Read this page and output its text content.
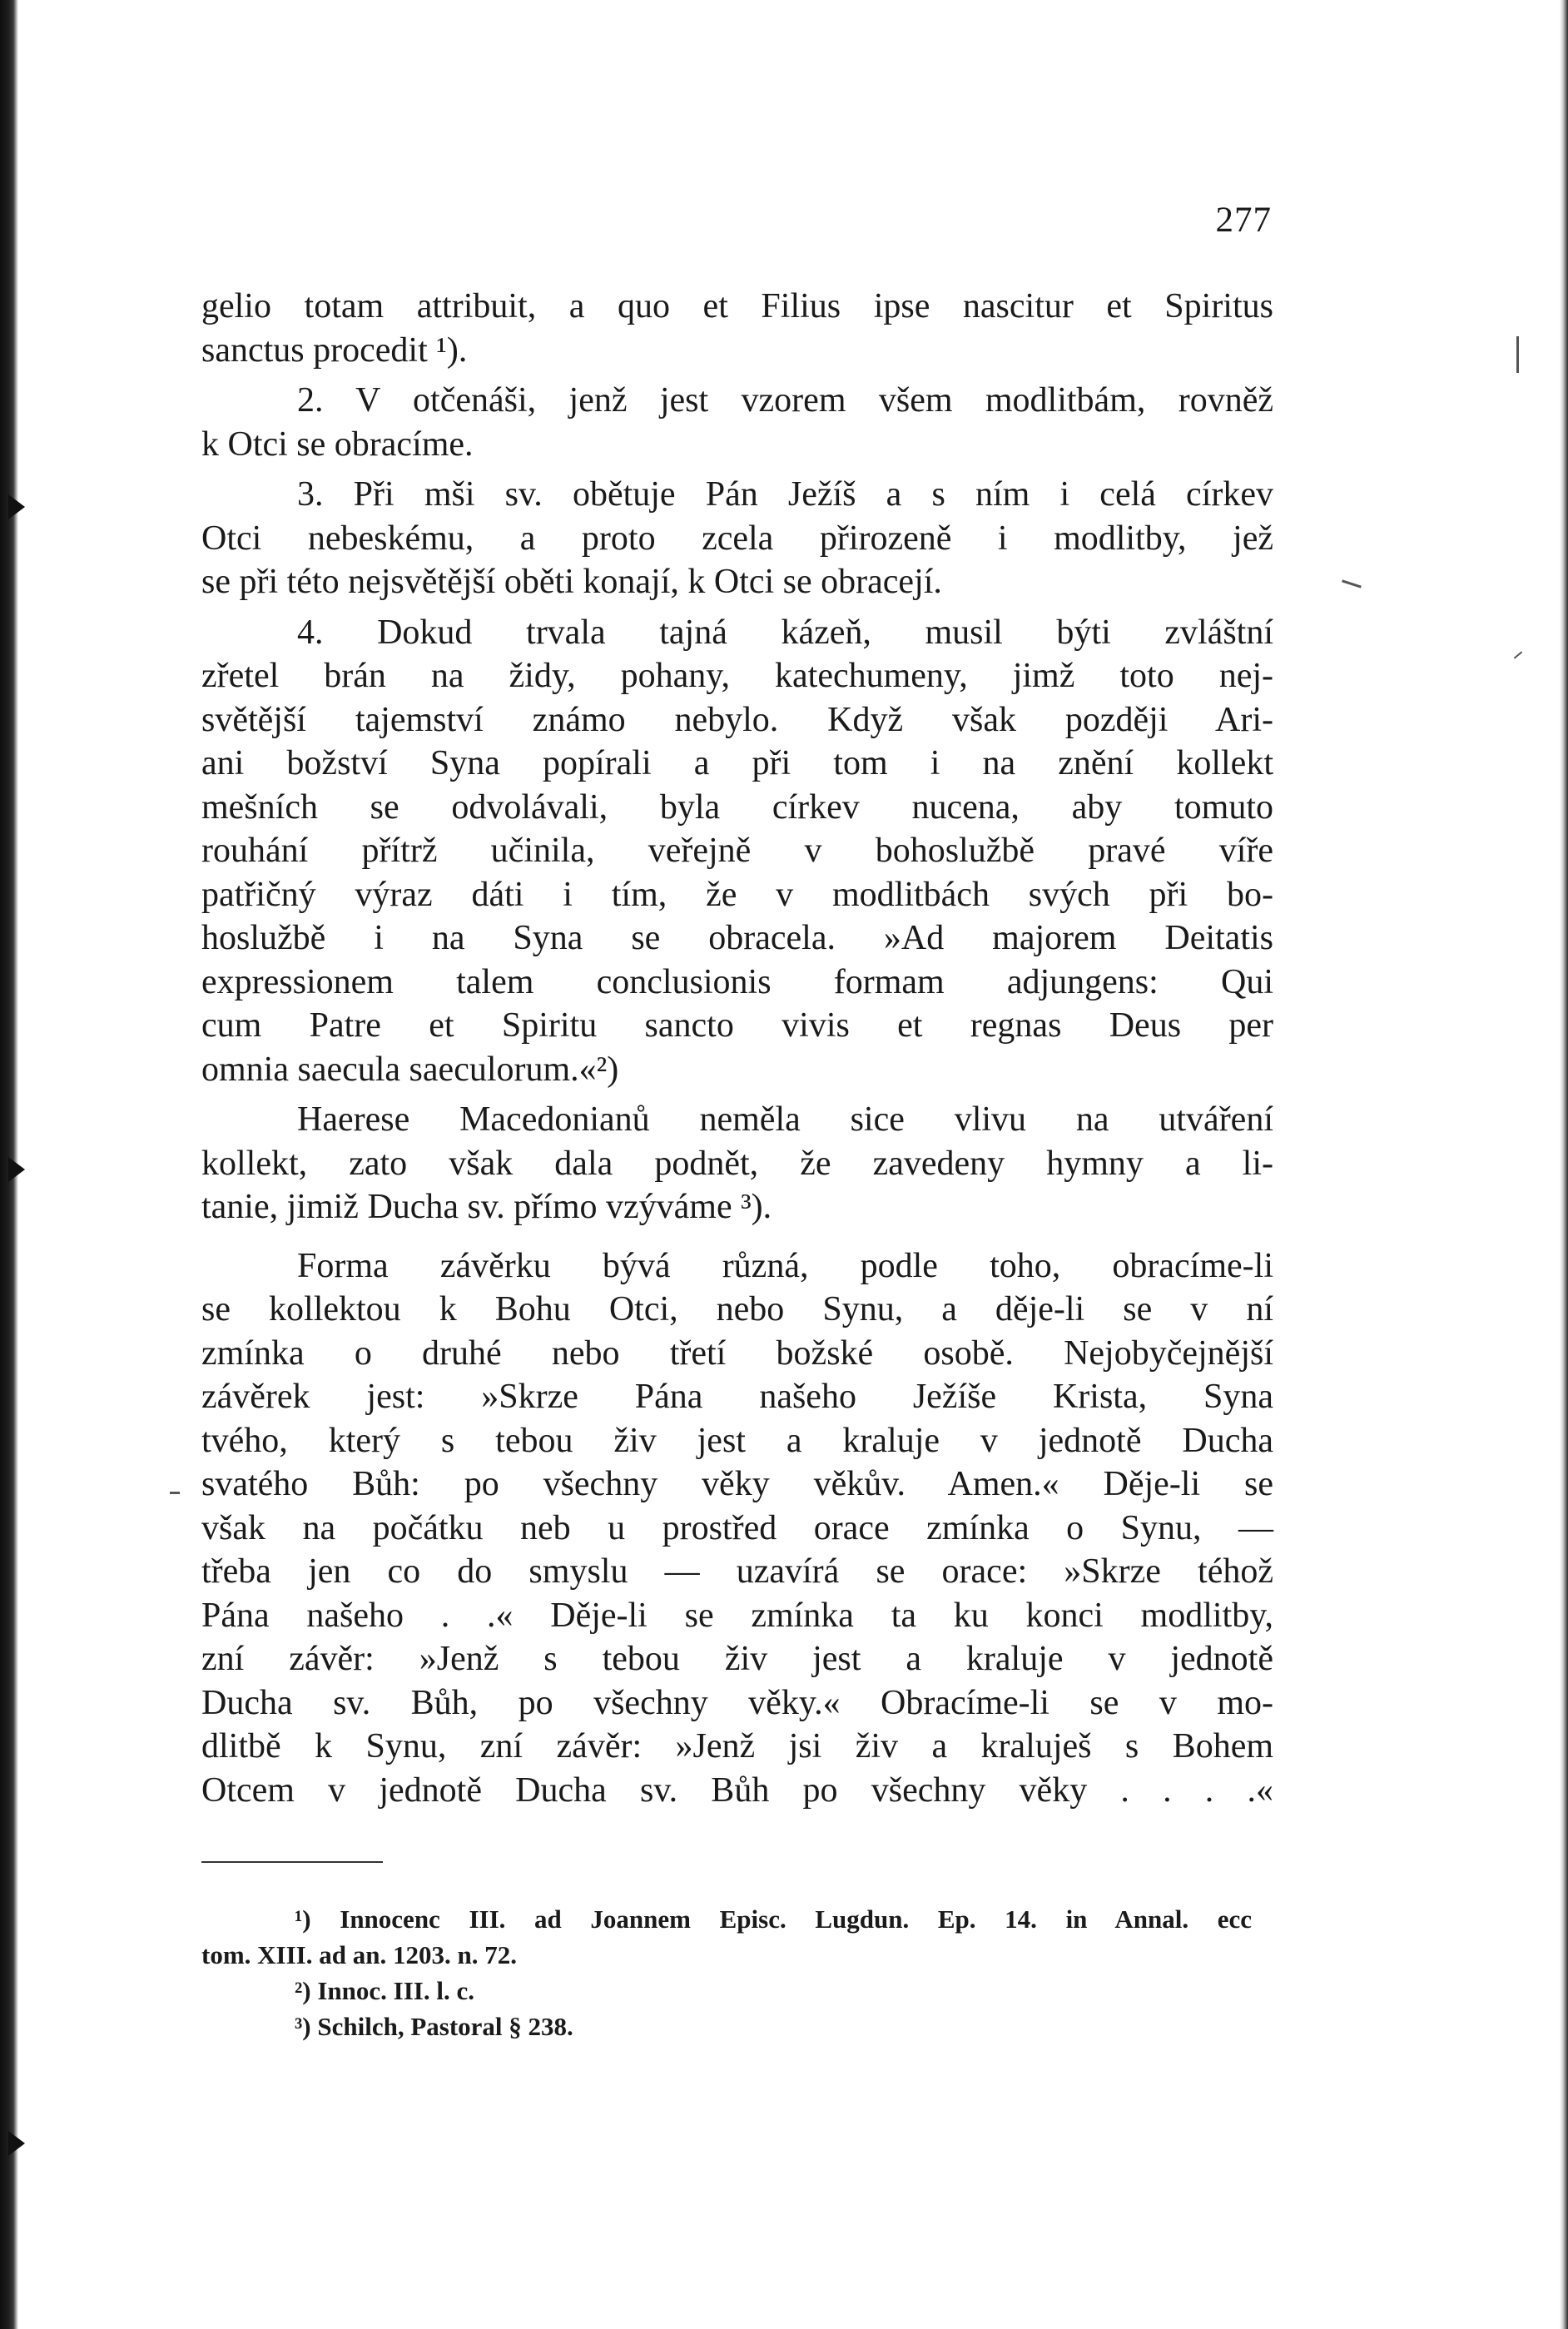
277
gelio totam attribuit, a quo et Filius ipse nascitur et Spiritus
sanctus procedit ¹).
2. V otčenáši, jenž jest vzorem všem modlitbám, rovněž
k Otci se obracíme.
3. Při mši sv. obětuje Pán Ježíš a s ním i celá církev
Otci nebeskému, a proto zcela přirozeně i modlitby, jež
se při této nejsvětější oběti konají, k Otci se obracejí.
4. Dokud trvala tajná kázeň, musil býti zvláštní
zřetel brán na židy, pohany, katechumeny, jimž toto nej-
světější tajemství známo nebylo. Když však později Ari-
ani božství Syna popírali a při tom i na znění kollekt
mešních se odvolávali, byla církev nucena, aby tomuto
rouhání přítrž učinila, veřejně v bohoslužbě pravé víře
patřičný výraz dáti i tím, že v modlitbách svých při bo-
hoslužbě i na Syna se obracela. »Ad majorem Deitatis
expressionem talem conclusionis formam adjungens: Qui
cum Patre et Spiritu sancto vivis et regnas Deus per
omnia saecula saeculorum.«²)
Haerese Macedonianů neměla sice vlivu na utváření
kollekt, zato však dala podnět, že zavedeny hymny a li-
tanie, jimiž Ducha sv. přímo vzýváme ³).
Forma závěrku bývá různá, podle toho, obracíme-li
se kollektou k Bohu Otci, nebo Synu, a děje-li se v ní
zmínka o druhé nebo třetí božské osobě. Nejobyčejnější
závěrek jest: »Skrze Pána našeho Ježíše Krista, Syna
tvého, který s tebou živ jest a kraluje v jednotě Ducha
svatého Bůh: po všechny věky věkův. Amen.« Děje-li se
však na počátku neb u prostřed orace zmínka o Synu, —
třeba jen co do smyslu — uzavírá se orace: »Skrze téhož
Pána našeho . .« Děje-li se zmínka ta ku konci modlitby,
zní závěr: »Jenž s tebou živ jest a kraluje v jednotě
Ducha sv. Bůh, po všechny věky.« Obracíme-li se v mo-
dlitbě k Synu, zní závěr: »Jenž jsi živ a kraluješ s Bohem
Otcem v jednotě Ducha sv. Bůh po všechny věky . . . .«
¹) Innocenc III. ad Joannem Episc. Lugdun. Ep. 14. in Annal. ecc
tom. XIII. ad an. 1203. n. 72.
²) Innoc. III. l. c.
³) Schilch, Pastoral § 238.
